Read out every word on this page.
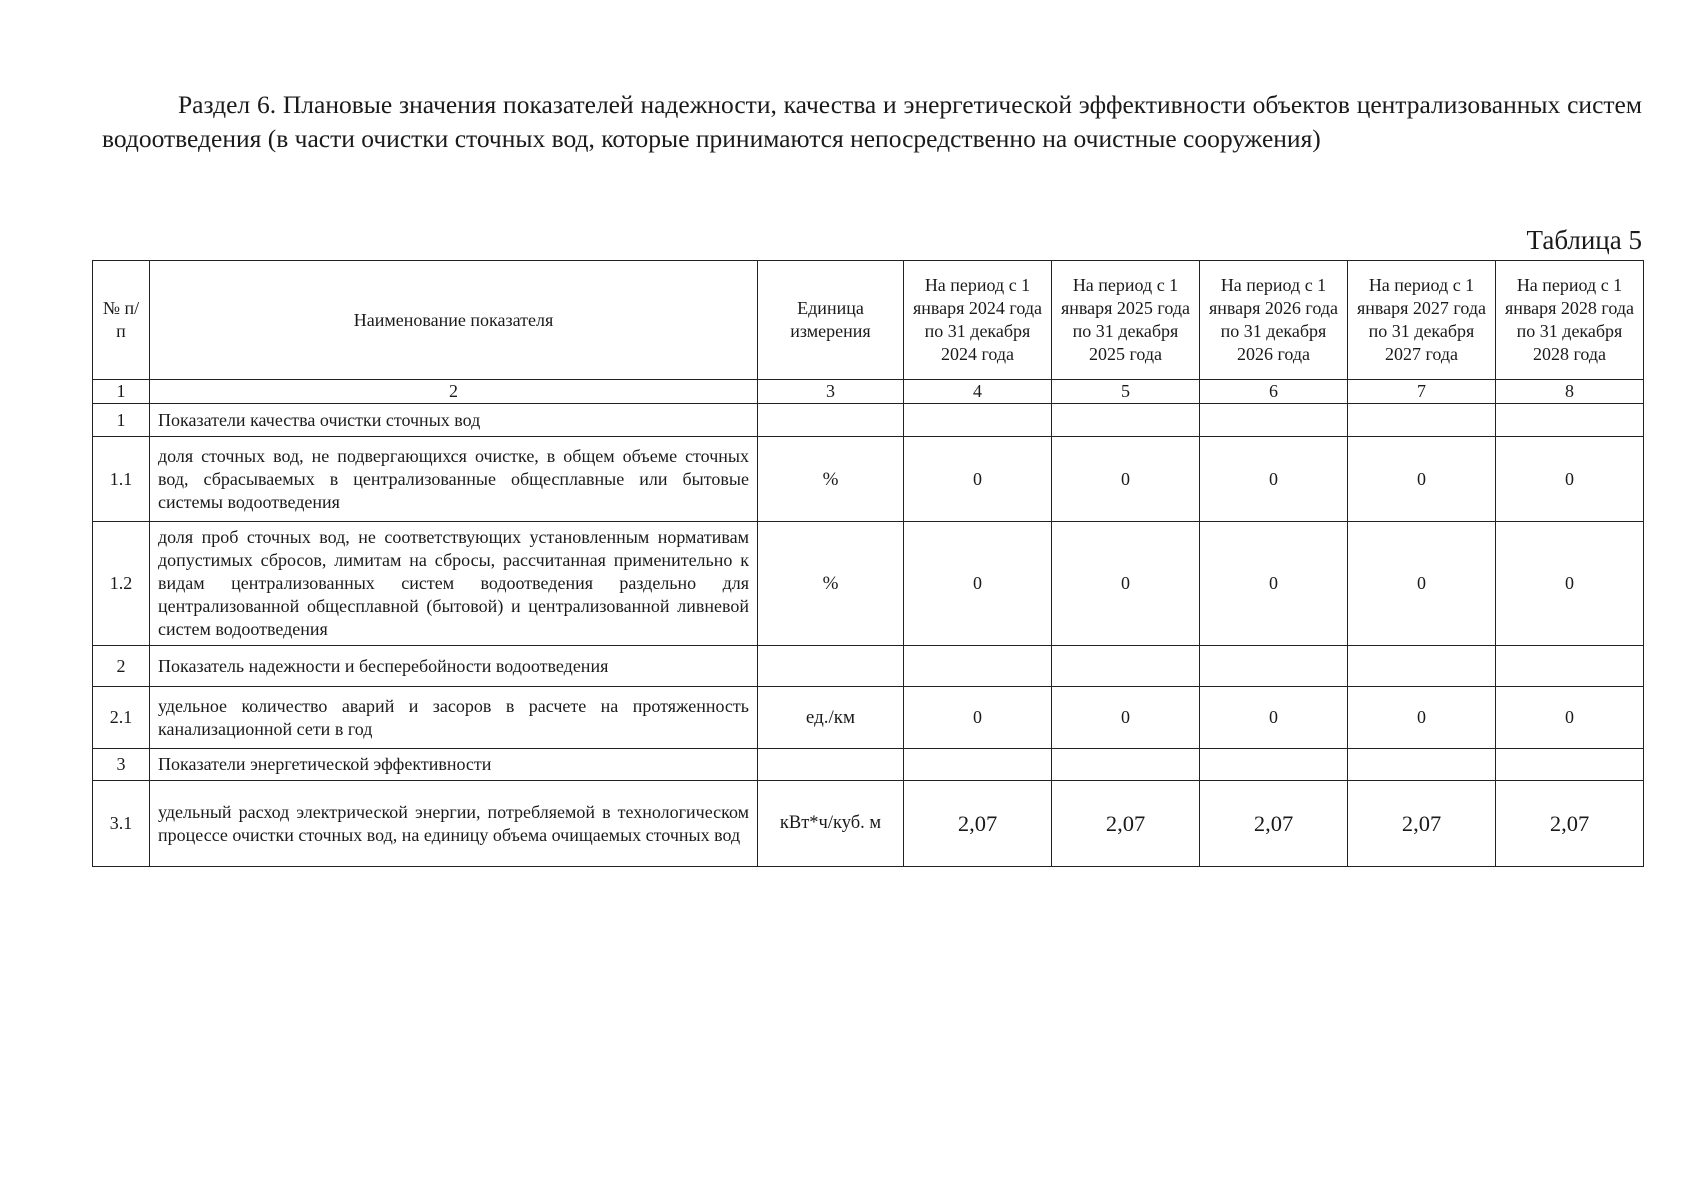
Раздел 6. Плановые значения показателей надежности, качества и энергетической эффективности объектов централизованных систем водоотведения (в части очистки сточных вод, которые принимаются непосредственно на очистные сооружения)
Таблица 5
№ п/п	Наименование показателя	Единица измерения	На период с 1 января 2024 года по 31 декабря 2024 года	На период с 1 января 2025 года по 31 декабря 2025 года	На период с 1 января 2026 года по 31 декабря 2026 года	На период с 1 января 2027 года по 31 декабря 2027 года	На период с 1 января 2028 года по 31 декабря 2028 года
1	2	3	4	5	6	7	8
1	Показатели качества очистки сточных вод						
1.1	доля сточных вод, не подвергающихся очистке, в общем объеме сточных вод, сбрасываемых в централизованные общесплавные или бытовые системы водоотведения	%	0	0	0	0	0
1.2	доля проб сточных вод, не соответствующих установленным нормативам допустимых сбросов, лимитам на сбросы, рассчитанная применительно к видам централизованных систем водоотведения раздельно для централизованной общесплавной (бытовой) и централизованной ливневой систем водоотведения	%	0	0	0	0	0
2	Показатель надежности и бесперебойности водоотведения						
2.1	удельное количество аварий и засоров в расчете на протяженность канализационной сети в год	ед./км	0	0	0	0	0
3	Показатели энергетической эффективности						
3.1	удельный расход электрической энергии, потребляемой в технологическом процессе очистки сточных вод, на единицу объема очищаемых сточных вод	кВт*ч/куб. м	2,07	2,07	2,07	2,07	2,07
